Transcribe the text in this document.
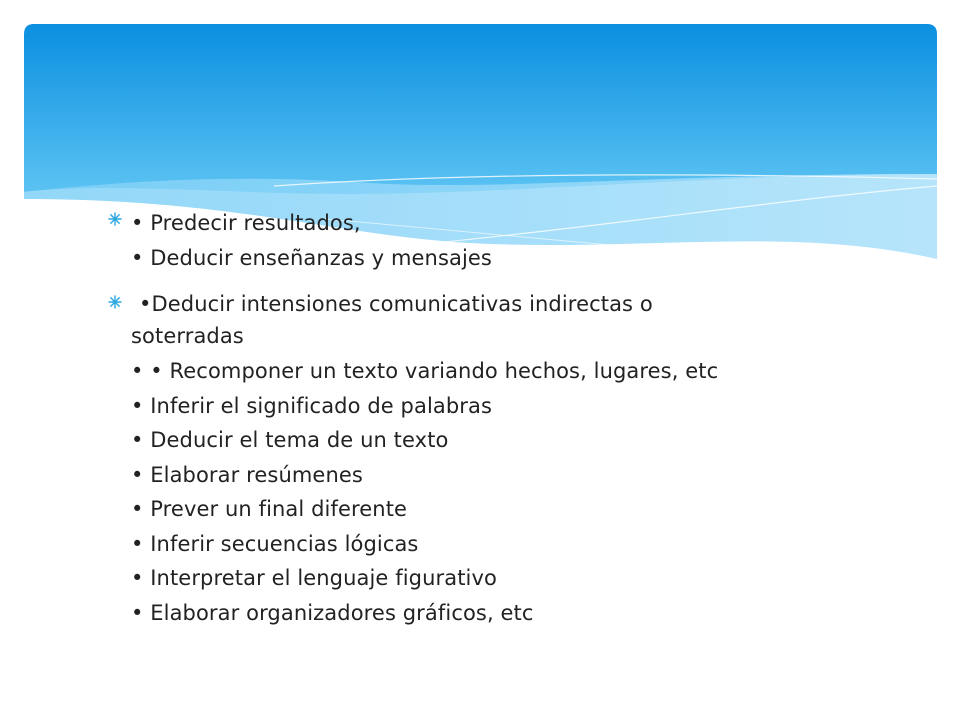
• Predecir resultados,
• Deducir enseñanzas y mensajes
•Deducir intensiones comunicativas indirectas o soterradas
• • Recomponer un texto variando hechos, lugares, etc
• Inferir el significado de palabras
• Deducir el tema de un texto
• Elaborar resúmenes
• Prever un final diferente
• Inferir secuencias lógicas
• Interpretar el lenguaje figurativo
• Elaborar organizadores gráficos, etc
